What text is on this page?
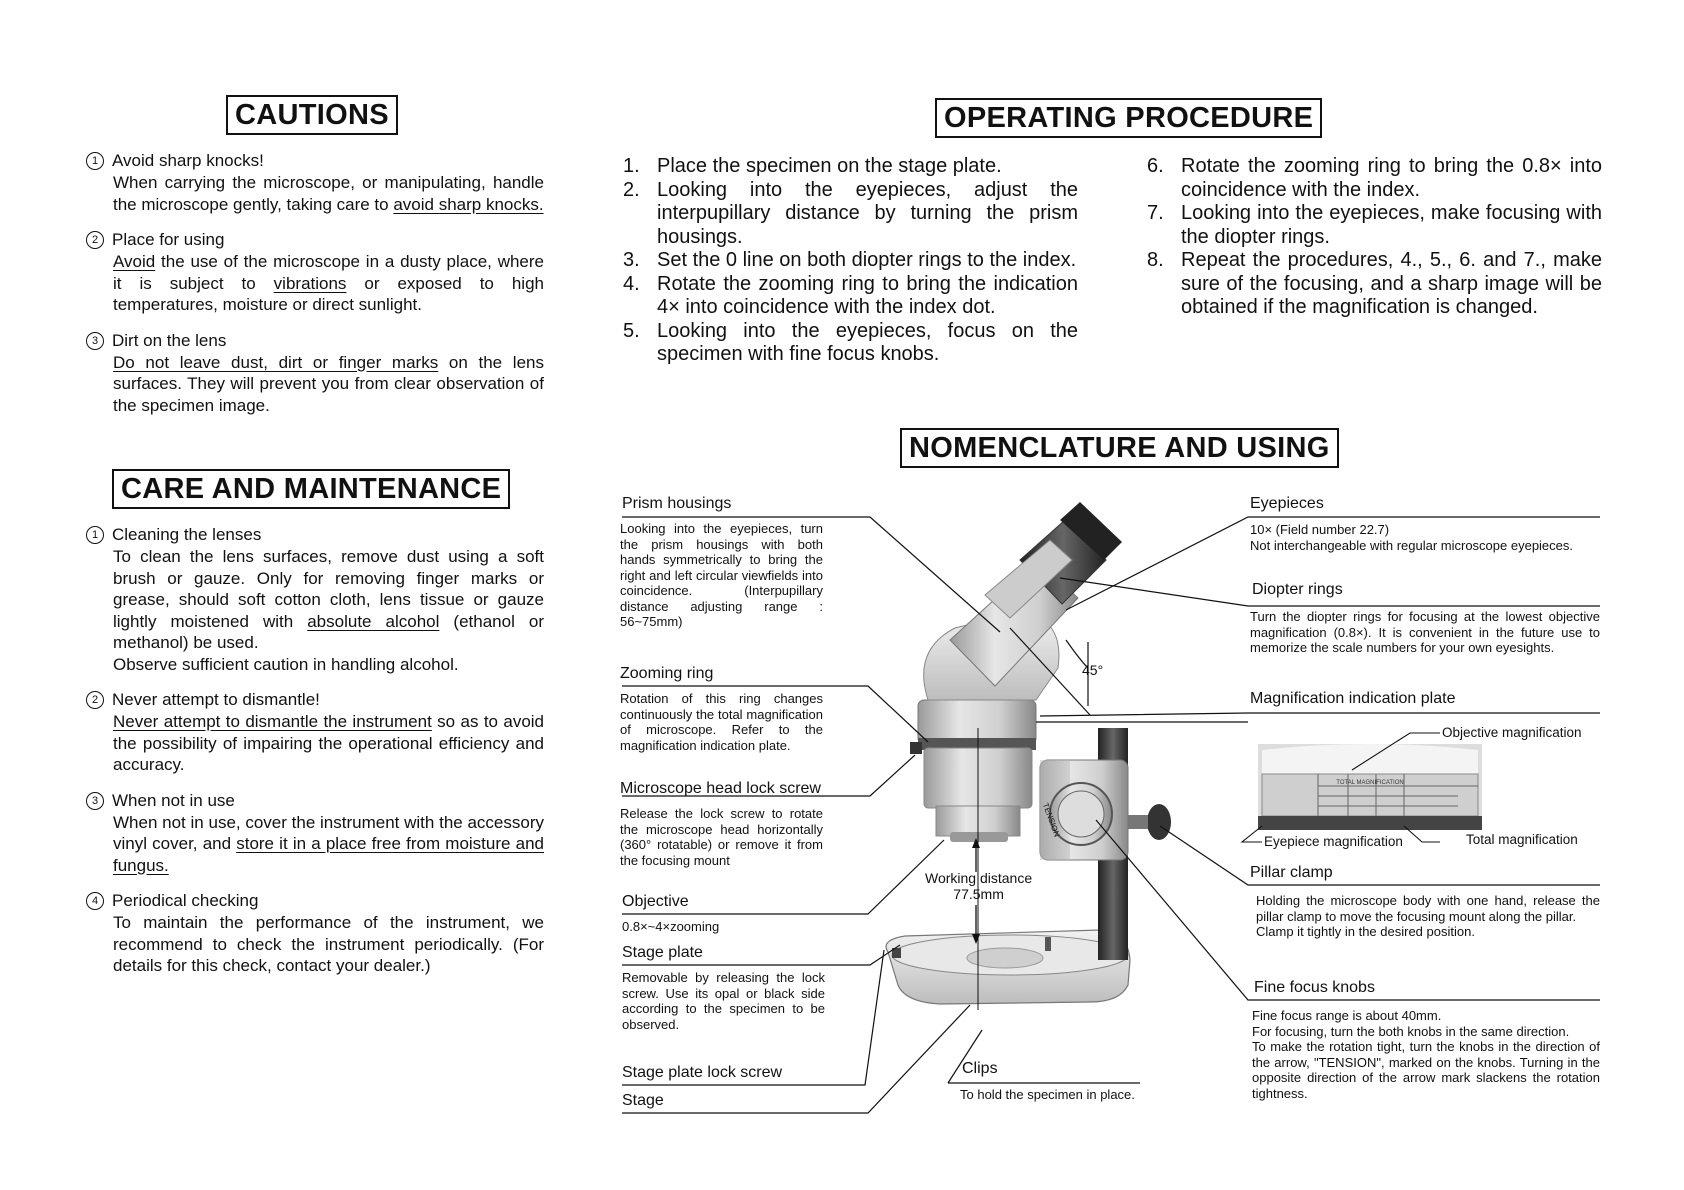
CAUTIONS
1 Avoid sharp knocks!
When carrying the microscope, or manipulating, handle the microscope gently, taking care to avoid sharp knocks.
2 Place for using
Avoid the use of the microscope in a dusty place, where it is subject to vibrations or exposed to high temperatures, moisture or direct sunlight.
3 Dirt on the lens
Do not leave dust, dirt or finger marks on the lens surfaces. They will prevent you from clear observation of the specimen image.
CARE AND MAINTENANCE
1 Cleaning the lenses
To clean the lens surfaces, remove dust using a soft brush or gauze. Only for removing finger marks or grease, should soft cotton cloth, lens tissue or gauze lightly moistened with absolute alcohol (ethanol or methanol) be used.
Observe sufficient caution in handling alcohol.
2 Never attempt to dismantle!
Never attempt to dismantle the instrument so as to avoid the possibility of impairing the operational efficiency and accuracy.
3 When not in use
When not in use, cover the instrument with the accessory vinyl cover, and store it in a place free from moisture and fungus.
4 Periodical checking
To maintain the performance of the instrument, we recommend to check the instrument periodically. (For details for this check, contact your dealer.)
OPERATING PROCEDURE
1. Place the specimen on the stage plate.
2. Looking into the eyepieces, adjust the interpupillary distance by turning the prism housings.
3. Set the 0 line on both diopter rings to the index.
4. Rotate the zooming ring to bring the indication 4× into coincidence with the index dot.
5. Looking into the eyepieces, focus on the specimen with fine focus knobs.
6. Rotate the zooming ring to bring the 0.8× into coincidence with the index.
7. Looking into the eyepieces, make focusing with the diopter rings.
8. Repeat the procedures, 4., 5., 6. and 7., make sure of the focusing, and a sharp image will be obtained if the magnification is changed.
NOMENCLATURE AND USING
Prism housings
Looking into the eyepieces, turn the prism housings with both hands symmetrically to bring the right and left circular viewfields into coincidence. (Interpupillary distance adjusting range : 56~75mm)
Zooming ring
Rotation of this ring changes continuously the total magnification of microscope. Refer to the magnification indication plate.
Microscope head lock screw
Release the lock screw to rotate the microscope head horizontally (360° rotatable) or remove it from the focusing mount
Objective
0.8×~4×zooming
Stage plate
Removable by releasing the lock screw. Use its opal or black side according to the specimen to be observed.
Stage plate lock screw
Stage
45°
Working distance
77.5mm
TENSION
Clips
To hold the specimen in place.
Eyepieces
10× (Field number 22.7)
Not interchangeable with regular microscope eyepieces.
Diopter rings
Turn the diopter rings for focusing at the lowest objective magnification (0.8×). It is convenient in the future use to memorize the scale numbers for your own eyesights.
Magnification indication plate
TOTAL MAGNIFICATION
Objective magnification
Eyepiece magnification	Total magnification
Pillar clamp
Holding the microscope body with one hand, release the pillar clamp to move the focusing mount along the pillar.
Clamp it tightly in the desired position.
Fine focus knobs
Fine focus range is about 40mm.
For focusing, turn the both knobs in the same direction.
To make the rotation tight, turn the knobs in the direction of the arrow, "TENSION", marked on the knobs. Turning in the opposite direction of the arrow mark slackens the rotation tightness.
